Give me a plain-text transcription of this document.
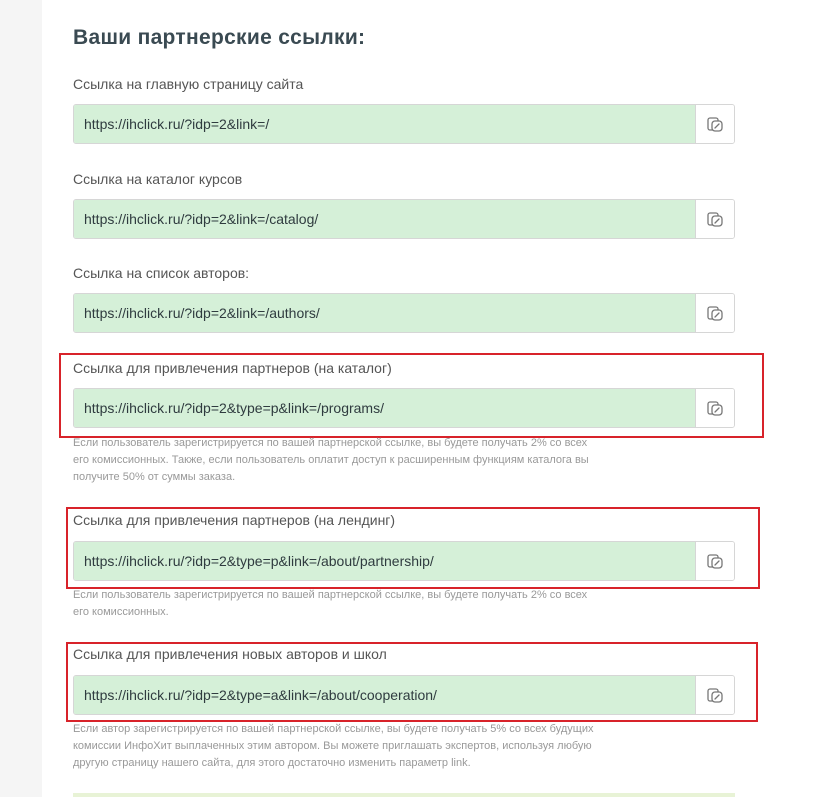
Ваши партнерские ссылки:
Ссылка на главную страницу сайта
https://ihclick.ru/?idp=2&link=/
Ссылка на каталог курсов
https://ihclick.ru/?idp=2&link=/catalog/
Ссылка на список авторов:
https://ihclick.ru/?idp=2&link=/authors/
Ссылка для привлечения партнеров (на каталог)
https://ihclick.ru/?idp=2&type=p&link=/programs/
Если пользователь зарегистрируется по вашей партнерской ссылке, вы будете получать 2% со всех
его комиссионных. Также, если пользователь оплатит доступ к расширенным функциям каталога вы
получите 50% от суммы заказа.
Ссылка для привлечения партнеров (на лендинг)
https://ihclick.ru/?idp=2&type=p&link=/about/partnership/
Если пользователь зарегистрируется по вашей партнерской ссылке, вы будете получать 2% со всех
его комиссионных.
Ссылка для привлечения новых авторов и школ
https://ihclick.ru/?idp=2&type=a&link=/about/cooperation/
Если автор зарегистрируется по вашей партнерской ссылке, вы будете получать 5% со всех будущих
комиссии ИнфоХит выплаченных этим автором. Вы можете приглашать экспертов, используя любую
другую страницу нашего сайта, для этого достаточно изменить параметр link.
